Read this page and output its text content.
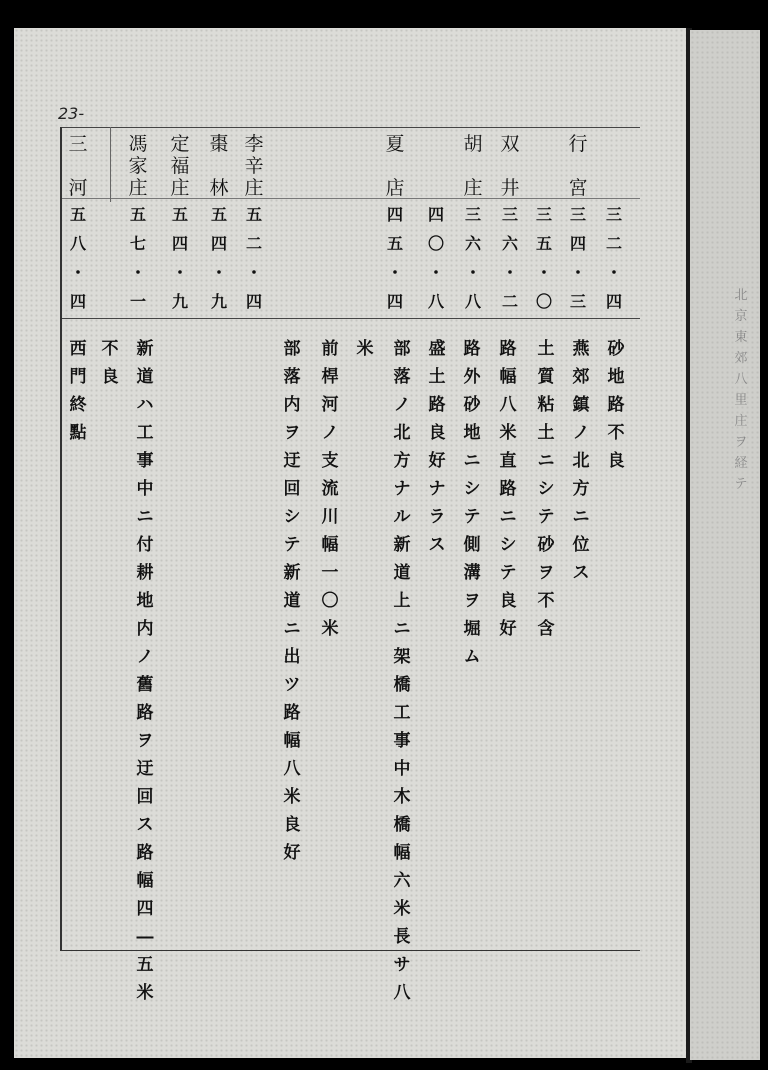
23-
三
河
馮
家
庄
定
福
庄
棗
林
李
辛
庄
夏
店
胡
庄
双
井
行
宮
五
八
・
四
五
七
・
一
五
四
・
九
五
四
・
九
五
二
・
四
四
五
・
四
四
〇
・
八
三
六
・
八
三
六
・
二
三
五
・
〇
三
四
・
三
三
二
・
四
西
門
終
點
不
良
新
道
ハ
工
事
中
ニ
付
耕
地
内
ノ
舊
路
ヲ
迂
回
ス
路
幅
四
―
五
米
部
落
内
ヲ
迂
回
シ
テ
新
道
ニ
出
ツ
路
幅
八
米
良
好
前
桿
河
ノ
支
流
川
幅
一
〇
米
米	部
落
ノ
北
方
ナ
ル
新
道
上
ニ
架
橋
工
事
中
木
橋
幅
六
米
長
サ
八
盛
土
路
良
好
ナ
ラ
ス
路
外
砂
地
ニ
シ
テ
側
溝
ヲ
堀
ム
路
幅
八
米
直
路
ニ
シ
テ
良
好
土
質
粘
土
ニ
シ
テ
砂
ヲ
不
含
燕
郊
鎮
ノ
北
方
ニ
位
ス
砂
地
路
不
良
北
京
東
郊
八
里
庄
ヲ
経
テ
